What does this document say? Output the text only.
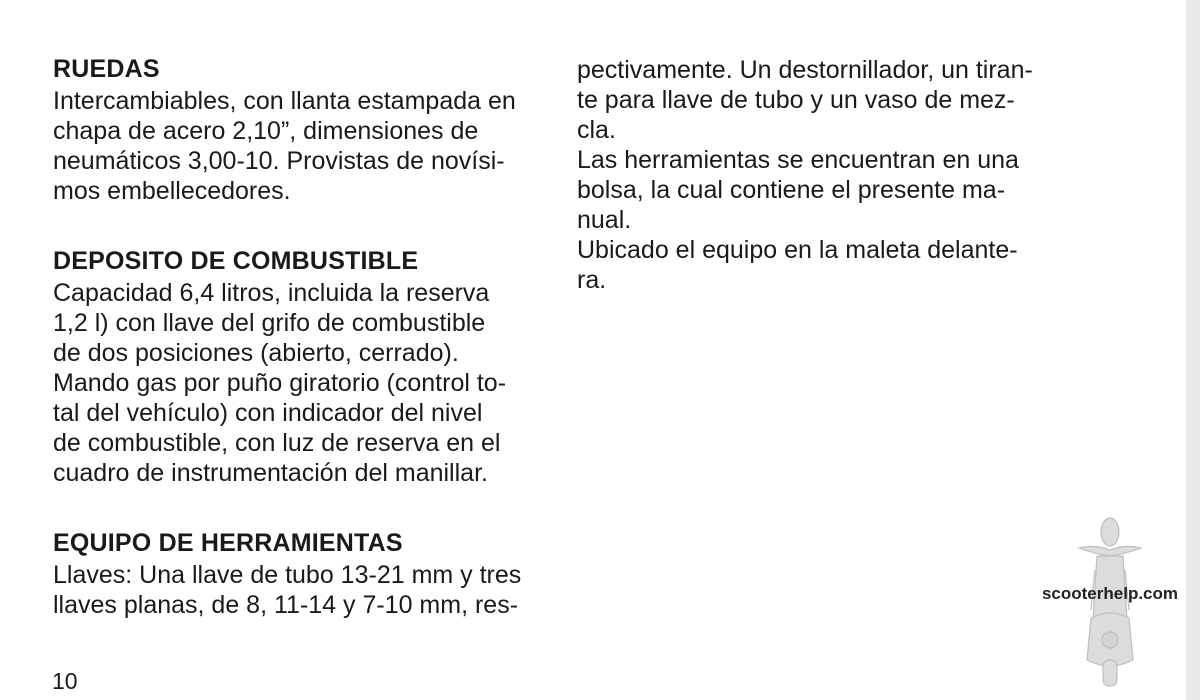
RUEDAS

Intercambiables, con llanta estampada en
chapa de acero 2,10”, dimensiones de
neumáticos 3,00-10. Provistas de novísi-
mos embellecedores.

DEPOSITO DE COMBUSTIBLE

Capacidad 6,4 litros, incluida la reserva
1,2 l) con llave del grifo de combustible
de dos posiciones (abierto, cerrado).
Mando gas por puño giratorio (control to-
tal del vehículo) con indicador del nivel
de combustible, con luz de reserva en el
cuadro de instrumentación del manillar.

EQUIPO DE HERRAMIENTAS

Llaves: Una llave de tubo 13-21 mm y tres
llaves planas, de 8, 11-14 y 7-10 mm, res-

pectivamente. Un destornillador, un tiran-
te para llave de tubo y un vaso de mez-
cla.
Las herramientas se encuentran en una
bolsa, la cual contiene el presente ma-
nual.
Ubicado el equipo en la maleta delante-
ra.

10
scooterhelp.com
